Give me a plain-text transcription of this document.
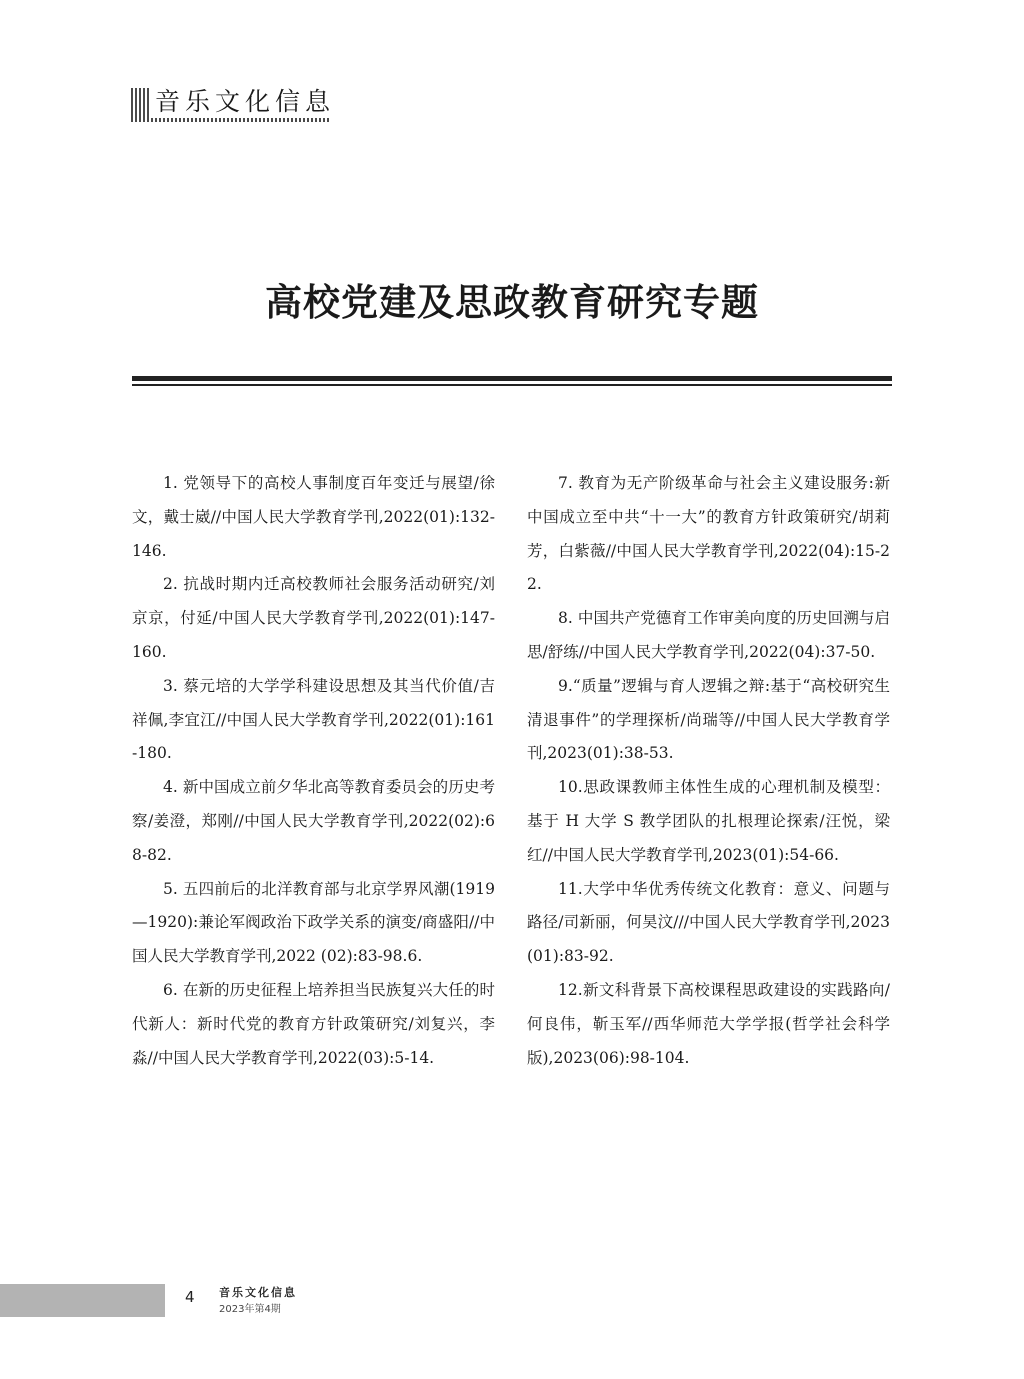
音乐文化信息
高校党建及思政教育研究专题

1. 党领导下的高校人事制度百年变迁与展望/徐文，戴士崴//中国人民大学教育学刊,2022(01):132-146.

2. 抗战时期内迁高校教师社会服务活动研究/刘京京，付延/中国人民大学教育学刊,2022(01):147-160.

3. 蔡元培的大学学科建设思想及其当代价值/吉祥佩,李宜江//中国人民大学教育学刊,2022(01):161-180.

4. 新中国成立前夕华北高等教育委员会的历史考察/姜澄，郑刚//中国人民大学教育学刊,2022(02):68-82.

5. 五四前后的北洋教育部与北京学界风潮(1919—1920):兼论军阀政治下政学关系的演变/商盛阳//中国人民大学教育学刊,2022 (02):83-98.6.

6. 在新的历史征程上培养担当民族复兴大任的时代新人：新时代党的教育方针政策研究/刘复兴，李淼//中国人民大学教育学刊,2022(03):5-14.

7. 教育为无产阶级革命与社会主义建设服务:新中国成立至中共“十一大”的教育方针政策研究/胡莉芳，白紫薇//中国人民大学教育学刊,2022(04):15-22.

8. 中国共产党德育工作审美向度的历史回溯与启思/舒练//中国人民大学教育学刊,2022(04):37-50.

9.“质量”逻辑与育人逻辑之辩:基于“高校研究生清退事件”的学理探析/尚瑞等//中国人民大学教育学刊,2023(01):38-53.

10.思政课教师主体性生成的心理机制及模型：基于 H 大学 S 教学团队的扎根理论探索/汪悦，梁红//中国人民大学教育学刊,2023(01):54-66.

11.大学中华优秀传统文化教育：意义、问题与路径/司新丽，何昊汶///中国人民大学教育学刊,2023(01):83-92.

12.新文科背景下高校课程思政建设的实践路向/何良伟，靳玉军//西华师范大学学报(哲学社会科学版),2023(06):98-104.

4 音乐文化信息
2023年第4期
